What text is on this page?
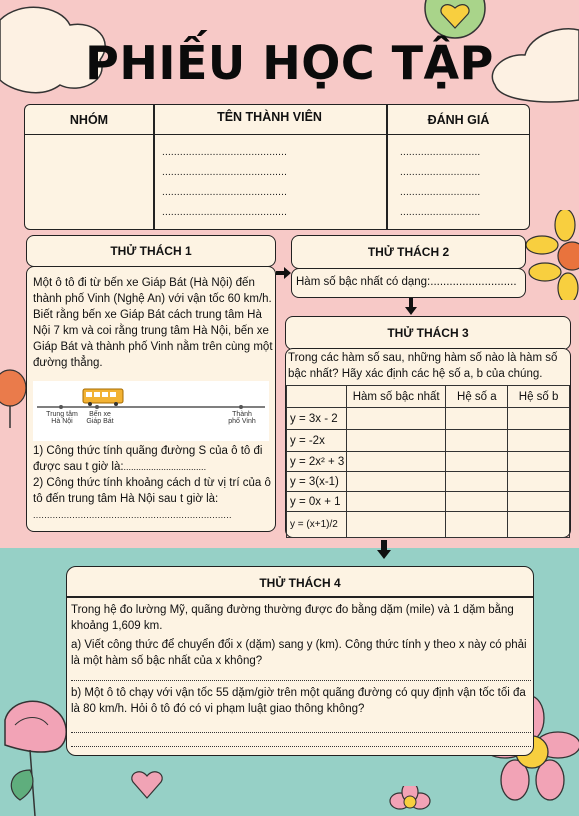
PHIẾU HỌC TẬP
NHÓM	TÊN THÀNH VIÊN	ĐÁNH GIÁ
..........................................
..........................................
..........................................
..........................................
...........................
...........................
...........................
...........................
THỬ THÁCH 1
Một ô tô đi từ bến xe Giáp Bát (Hà Nội) đến thành phố Vinh (Nghệ An) với vận tốc 60 km/h. Biết rằng bến xe Giáp Bát cách trung tâm Hà Nội 7 km và coi rằng trung tâm Hà Nội, bến xe Giáp Bát và thành phố Vinh nằm trên cùng một đường thẳng.
Trung tâm
Hà Nội
Bến xe
Giáp Bát
Thành
phố Vinh
1) Công thức tính quãng đường S của ô tô đi được sau t giờ là:.................................
2) Công thức tính khoảng cách d từ vị trí của ô tô đến trung tâm Hà Nội sau t giờ là:
.......................................................................
THỬ THÁCH 2
Hàm số bậc nhất có dạng:...........................
THỬ THÁCH 3
Trong các hàm số sau, những hàm số nào là hàm số bậc nhất? Hãy xác định các hệ số a, b của chúng.
	Hàm số bậc nhất	Hệ số a	Hệ số b
y = 3x - 2			
y = -2x			
y = 2x² + 3			
y = 3(x-1)			
y = 0x + 1			
y = (x+1)/2			
THỬ THÁCH 4
Trong hệ đo lường Mỹ, quãng đường thường được đo bằng dặm (mile) và 1 dặm bằng khoảng 1,609 km.
a) Viết công thức để chuyển đổi x (dặm) sang y (km). Công thức tính y theo x này có phải là một hàm số bậc nhất của x không?
b) Một ô tô chạy với vận tốc 55 dặm/giờ trên một quãng đường có quy định vận tốc tối đa là 80 km/h. Hỏi ô tô đó có vi phạm luật giao thông không?
